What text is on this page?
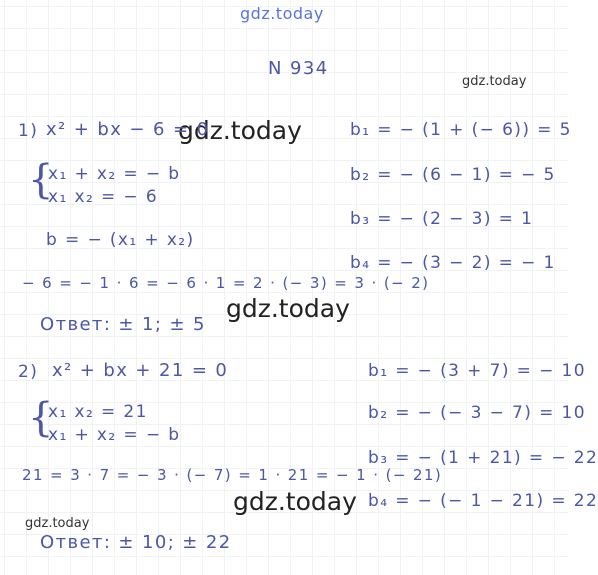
gdz.today
gdz.today
gdz.today
gdz.today
gdz.today
gdz.today
N 934
1) x² + bx − 6 = 0
{
x₁ + x₂ = − b
x₁ x₂ = − 6
b = − (x₁ + x₂)
− 6 = − 1 · 6 = − 6 · 1 = 2 · (− 3) = 3 · (− 2)
Ответ: ± 1; ± 5
b₁ = − (1 + (− 6)) = 5
b₂ = − (6 − 1) = − 5
b₃ = − (2 − 3) = 1
b₄ = − (3 − 2) = − 1
2) x² + bx + 21 = 0
{
x₁ x₂ = 21
x₁ + x₂ = − b
21 = 3 · 7 = − 3 · (− 7) = 1 · 21 = − 1 · (− 21)
Ответ: ± 10; ± 22
b₁ = − (3 + 7) = − 10
b₂ = − (− 3 − 7) = 10
b₃ = − (1 + 21) = − 22
b₄ = − (− 1 − 21) = 22
